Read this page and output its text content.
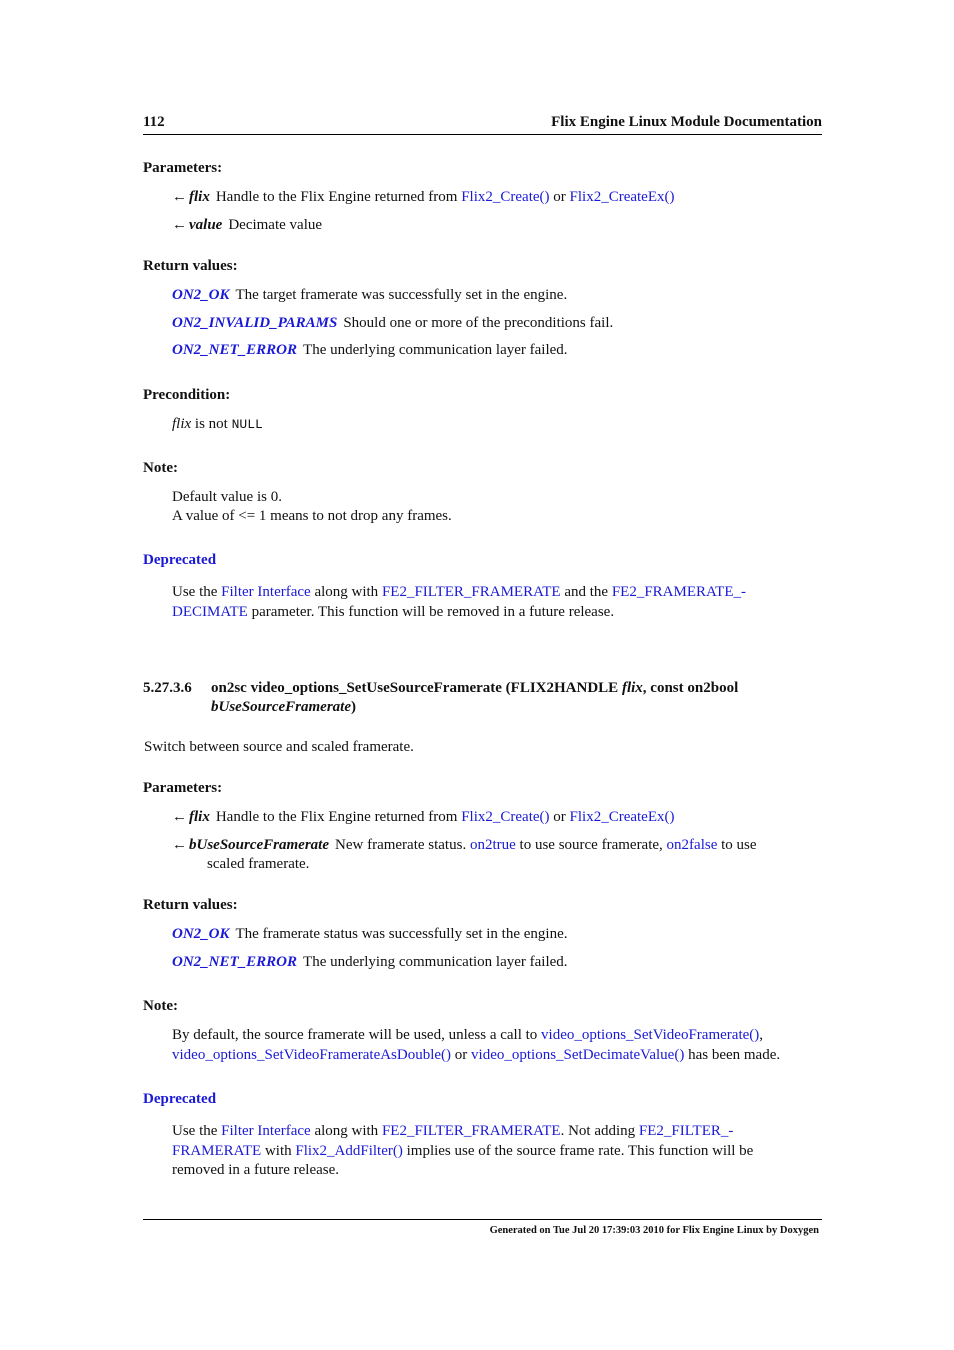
112	Flix Engine Linux Module Documentation
Parameters:
← flix Handle to the Flix Engine returned from Flix2_Create() or Flix2_CreateEx()
← value Decimate value
Return values:
ON2_OK The target framerate was successfully set in the engine.
ON2_INVALID_PARAMS Should one or more of the preconditions fail.
ON2_NET_ERROR The underlying communication layer failed.
Precondition:
flix is not NULL
Note:
Default value is 0.
A value of <= 1 means to not drop any frames.
Deprecated
Use the Filter Interface along with FE2_FILTER_FRAMERATE and the FE2_FRAMERATE_-
DECIMATE parameter. This function will be removed in a future release.
5.27.3.6 on2sc video_options_SetUseSourceFramerate (FLIX2HANDLE flix, const on2bool
bUseSourceFramerate)
Switch between source and scaled framerate.
Parameters:
← flix Handle to the Flix Engine returned from Flix2_Create() or Flix2_CreateEx()
← bUseSourceFramerate New framerate status. on2true to use source framerate, on2false to use
scaled framerate.
Return values:
ON2_OK The framerate status was successfully set in the engine.
ON2_NET_ERROR The underlying communication layer failed.
Note:
By default, the source framerate will be used, unless a call to video_options_SetVideoFramerate(),
video_options_SetVideoFramerateAsDouble() or video_options_SetDecimateValue() has been made.
Deprecated
Use the Filter Interface along with FE2_FILTER_FRAMERATE. Not adding FE2_FILTER_-
FRAMERATE with Flix2_AddFilter() implies use of the source frame rate. This function will be
removed in a future release.
Generated on Tue Jul 20 17:39:03 2010 for Flix Engine Linux by Doxygen
